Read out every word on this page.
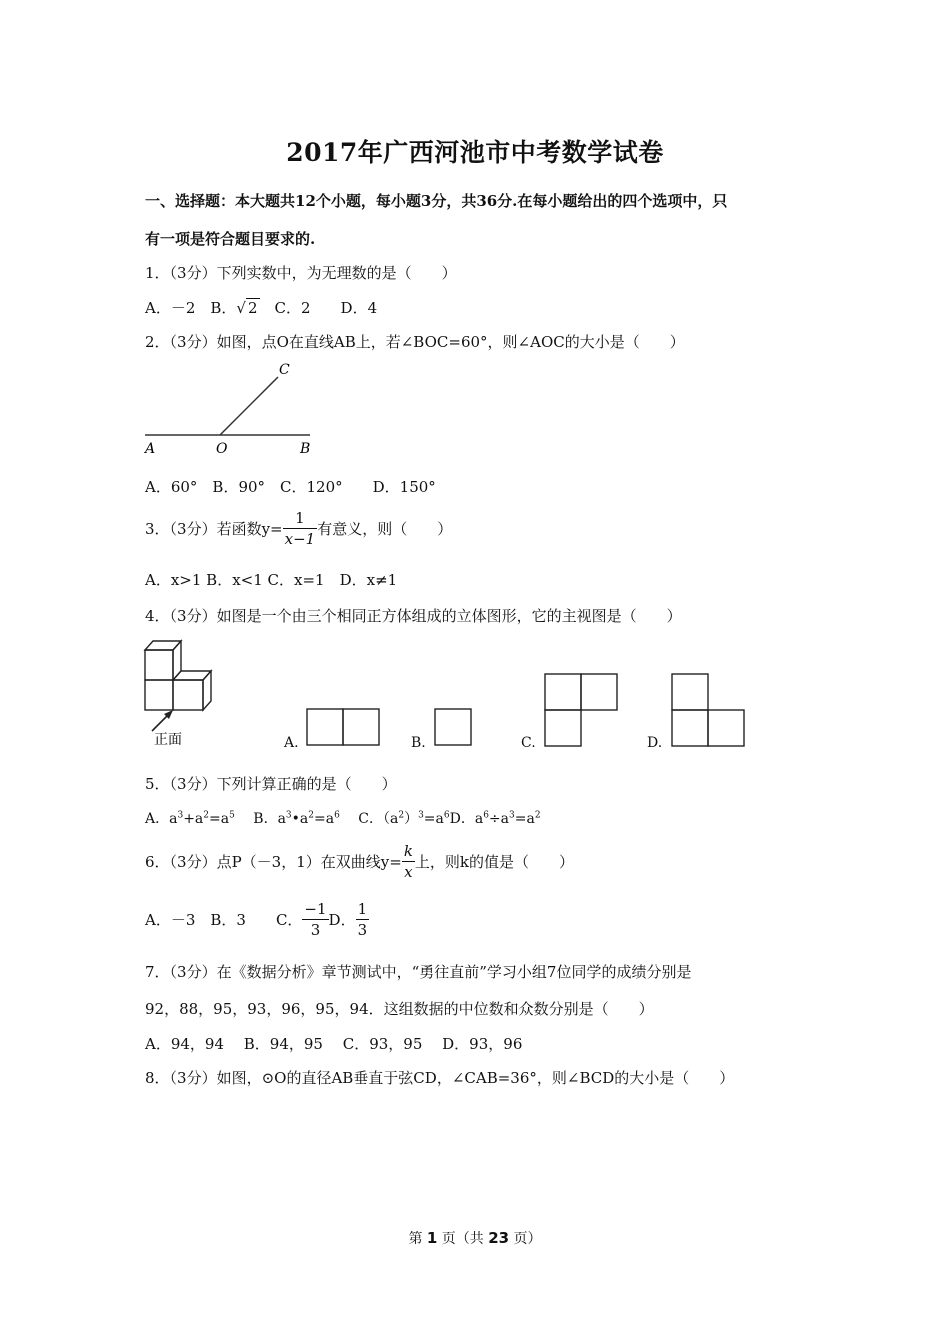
2017年广西河池市中考数学试卷
一、选择题：本大题共12个小题，每小题3分，共36分.在每小题给出的四个选项中，只
有一项是符合题目要求的.
1．（3分）下列实数中，为无理数的是（　　）
A．－2　B．√ 2　C．2　　D．4
2．（3分）如图，点O在直线AB上，若∠BOC=60°，则∠AOC的大小是（　　）
A	O	B
C
A．60°　B．90°　C．120°　　D．150°
3．（3分）若函数$y= \frac{1}{x-1}$ 有意义，则（　　）
A．x>1 B．x<1 C．x=1　D．x≠1
4．（3分）如图是一个由三个相同正方体组成的立体图形，它的主视图是（　　）
正面	A.	B.	C.	D.
5．（3分）下列计算正确的是（　　）
A．$a^3+a^2=a^5$ 　B．$a^3•a^2=a^6$ 　C．$(a^2)^3=a^6D$．$a^6\div a^3=a^2$
6．（3分）点P（－3，1）在双曲线$y= \frac{k}{x}$ 上，则k的值是（　　）
A．－3　B．3　　C． $\frac{-1}{3}$ D． $\frac{1}{3}$
7．（3分）在《数据分析》章节测试中，“勇往直前”学习小组7位同学的成绩分别是
92，88，95，93，96，95，94．这组数据的中位数和众数分别是（　　）
A．94，94　 B．94，95　 C．93，95　 D．93，96
8．（3分）如图，⊙O的直径AB垂直于弦CD，∠CAB=36°，则∠BCD的大小是（　　）
第 1 页（共 23 页）
